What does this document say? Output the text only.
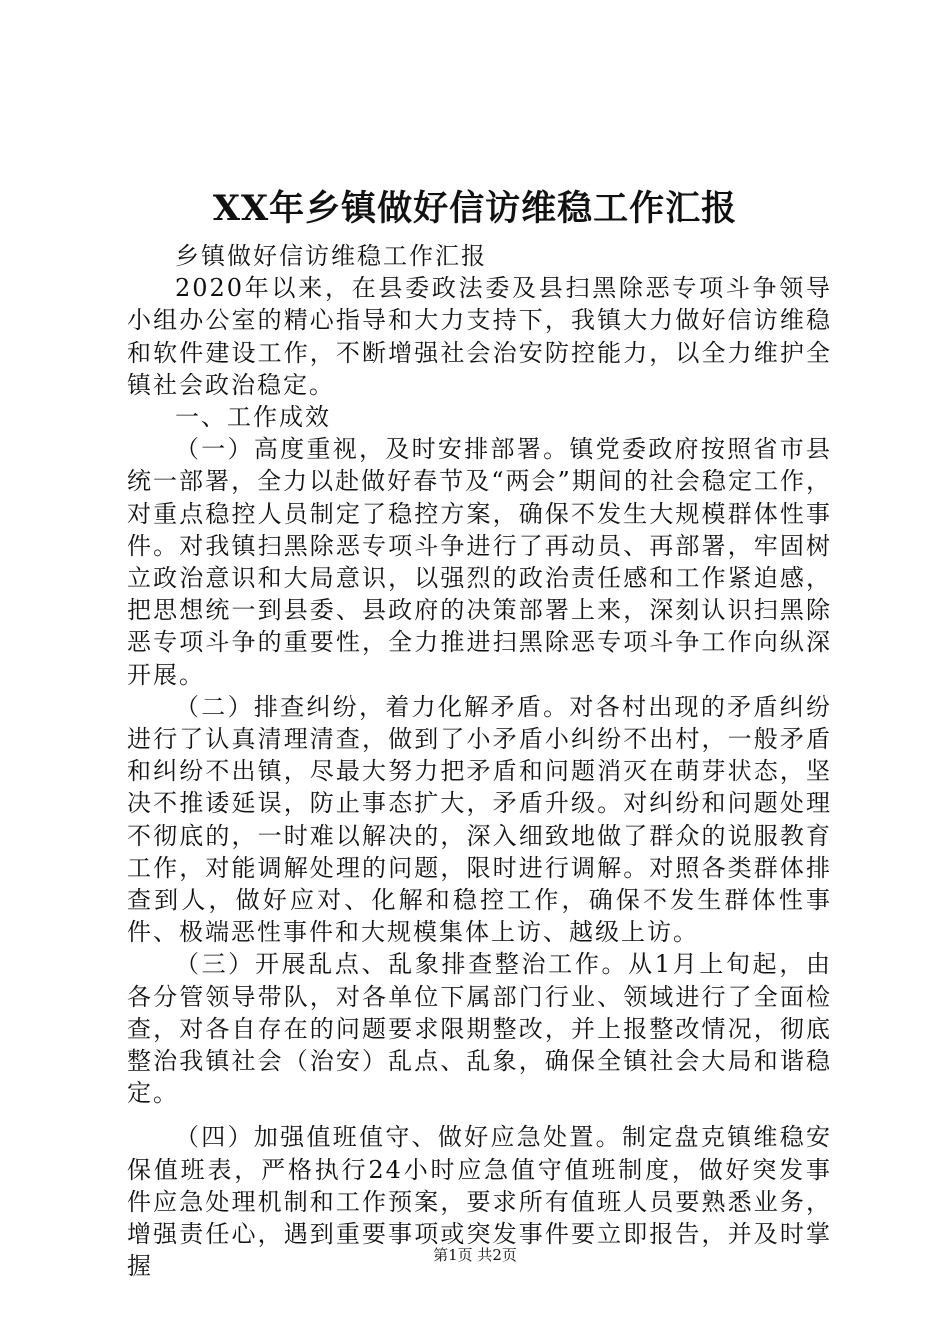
XX年乡镇做好信访维稳工作汇报

乡镇做好信访维稳工作汇报

2020年以来，在县委政法委及县扫黑除恶专项斗争领导小组办公室的精心指导和大力支持下，我镇大力做好信访维稳和软件建设工作，不断增强社会治安防控能力，以全力维护全镇社会政治稳定。

一、工作成效

（一）高度重视，及时安排部署。镇党委政府按照省市县统一部署，全力以赴做好春节及“两会”期间的社会稳定工作，对重点稳控人员制定了稳控方案，确保不发生大规模群体性事件。对我镇扫黑除恶专项斗争进行了再动员、再部署，牢固树立政治意识和大局意识，以强烈的政治责任感和工作紧迫感，把思想统一到县委、县政府的决策部署上来，深刻认识扫黑除恶专项斗争的重要性，全力推进扫黑除恶专项斗争工作向纵深开展。

（二）排查纠纷，着力化解矛盾。对各村出现的矛盾纠纷进行了认真清理清查，做到了小矛盾小纠纷不出村，一般矛盾和纠纷不出镇，尽最大努力把矛盾和问题消灭在萌芽状态，坚决不推诿延误，防止事态扩大，矛盾升级。对纠纷和问题处理不彻底的，一时难以解决的，深入细致地做了群众的说服教育工作，对能调解处理的问题，限时进行调解。对照各类群体排查到人，做好应对、化解和稳控工作，确保不发生群体性事件、极端恶性事件和大规模集体上访、越级上访。

（三）开展乱点、乱象排查整治工作。从1月上旬起，由各分管领导带队，对各单位下属部门行业、领域进行了全面检查，对各自存在的问题要求限期整改，并上报整改情况，彻底整治我镇社会（治安）乱点、乱象，确保全镇社会大局和谐稳定。

（四）加强值班值守、做好应急处置。制定盘克镇维稳安保值班表，严格执行24小时应急值守值班制度，做好突发事件应急处理机制和工作预案，要求所有值班人员要熟悉业务，增强责任心，遇到重要事项或突发事件要立即报告，并及时掌握	第1页 共2页
